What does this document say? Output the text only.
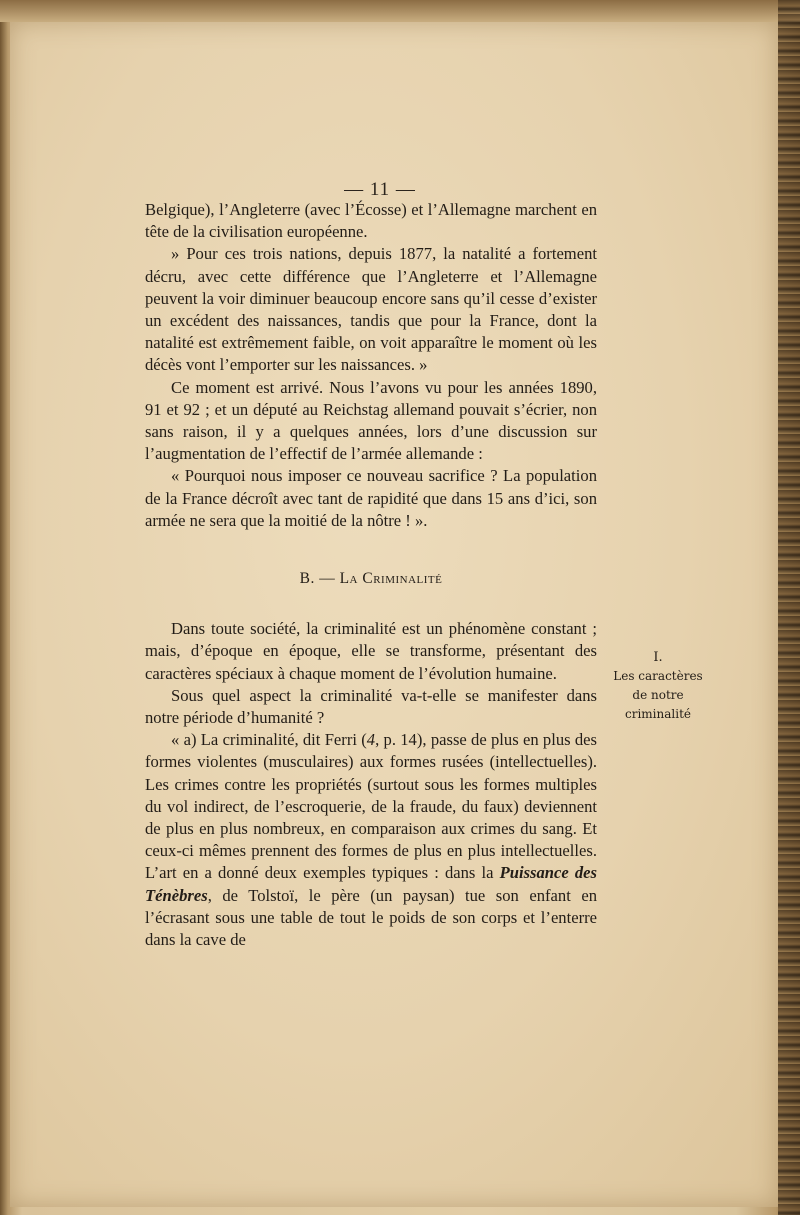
— 11 —

Belgique), l’Angleterre (avec l’Écosse) et l’Allemagne marchent en tête de la civilisation européenne.

» Pour ces trois nations, depuis 1877, la natalité a fortement décru, avec cette différence que l’Angleterre et l’Allemagne peuvent la voir diminuer beaucoup encore sans qu’il cesse d’exister un excédent des naissances, tandis que pour la France, dont la natalité est extrêmement faible, on voit apparaître le moment où les décès vont l’emporter sur les naissances. »

Ce moment est arrivé. Nous l’avons vu pour les années 1890, 91 et 92 ; et un député au Reichstag allemand pouvait s’écrier, non sans raison, il y a quelques années, lors d’une discussion sur l’augmentation de l’effectif de l’armée allemande :

« Pourquoi nous imposer ce nouveau sacrifice ? La population de la France décroît avec tant de rapidité que dans 15 ans d’ici, son armée ne sera que la moitié de la nôtre ! ».

B. — La Criminalité

Dans toute société, la criminalité est un phénomène constant ; mais, d’époque en époque, elle se transforme, présentant des caractères spéciaux à chaque moment de l’évolution humaine.

Sous quel aspect la criminalité va-t-elle se manifester dans notre période d’humanité ?

« a) La criminalité, dit Ferri (4, p. 14), passe de plus en plus des formes violentes (musculaires) aux formes rusées (intellectuelles). Les crimes contre les propriétés (surtout sous les formes multiples du vol indirect, de l’escroquerie, de la fraude, du faux) deviennent de plus en plus nombreux, en comparaison aux crimes du sang. Et ceux-ci mêmes prennent des formes de plus en plus intellectuelles. L’art en a donné deux exemples typiques : dans la Puissance des Ténèbres, de Tolstoï, le père (un paysan) tue son enfant en l’écrasant sous une table de tout le poids de son corps et l’enterre dans la cave de

I.
Les caractères
de notre
criminalité
